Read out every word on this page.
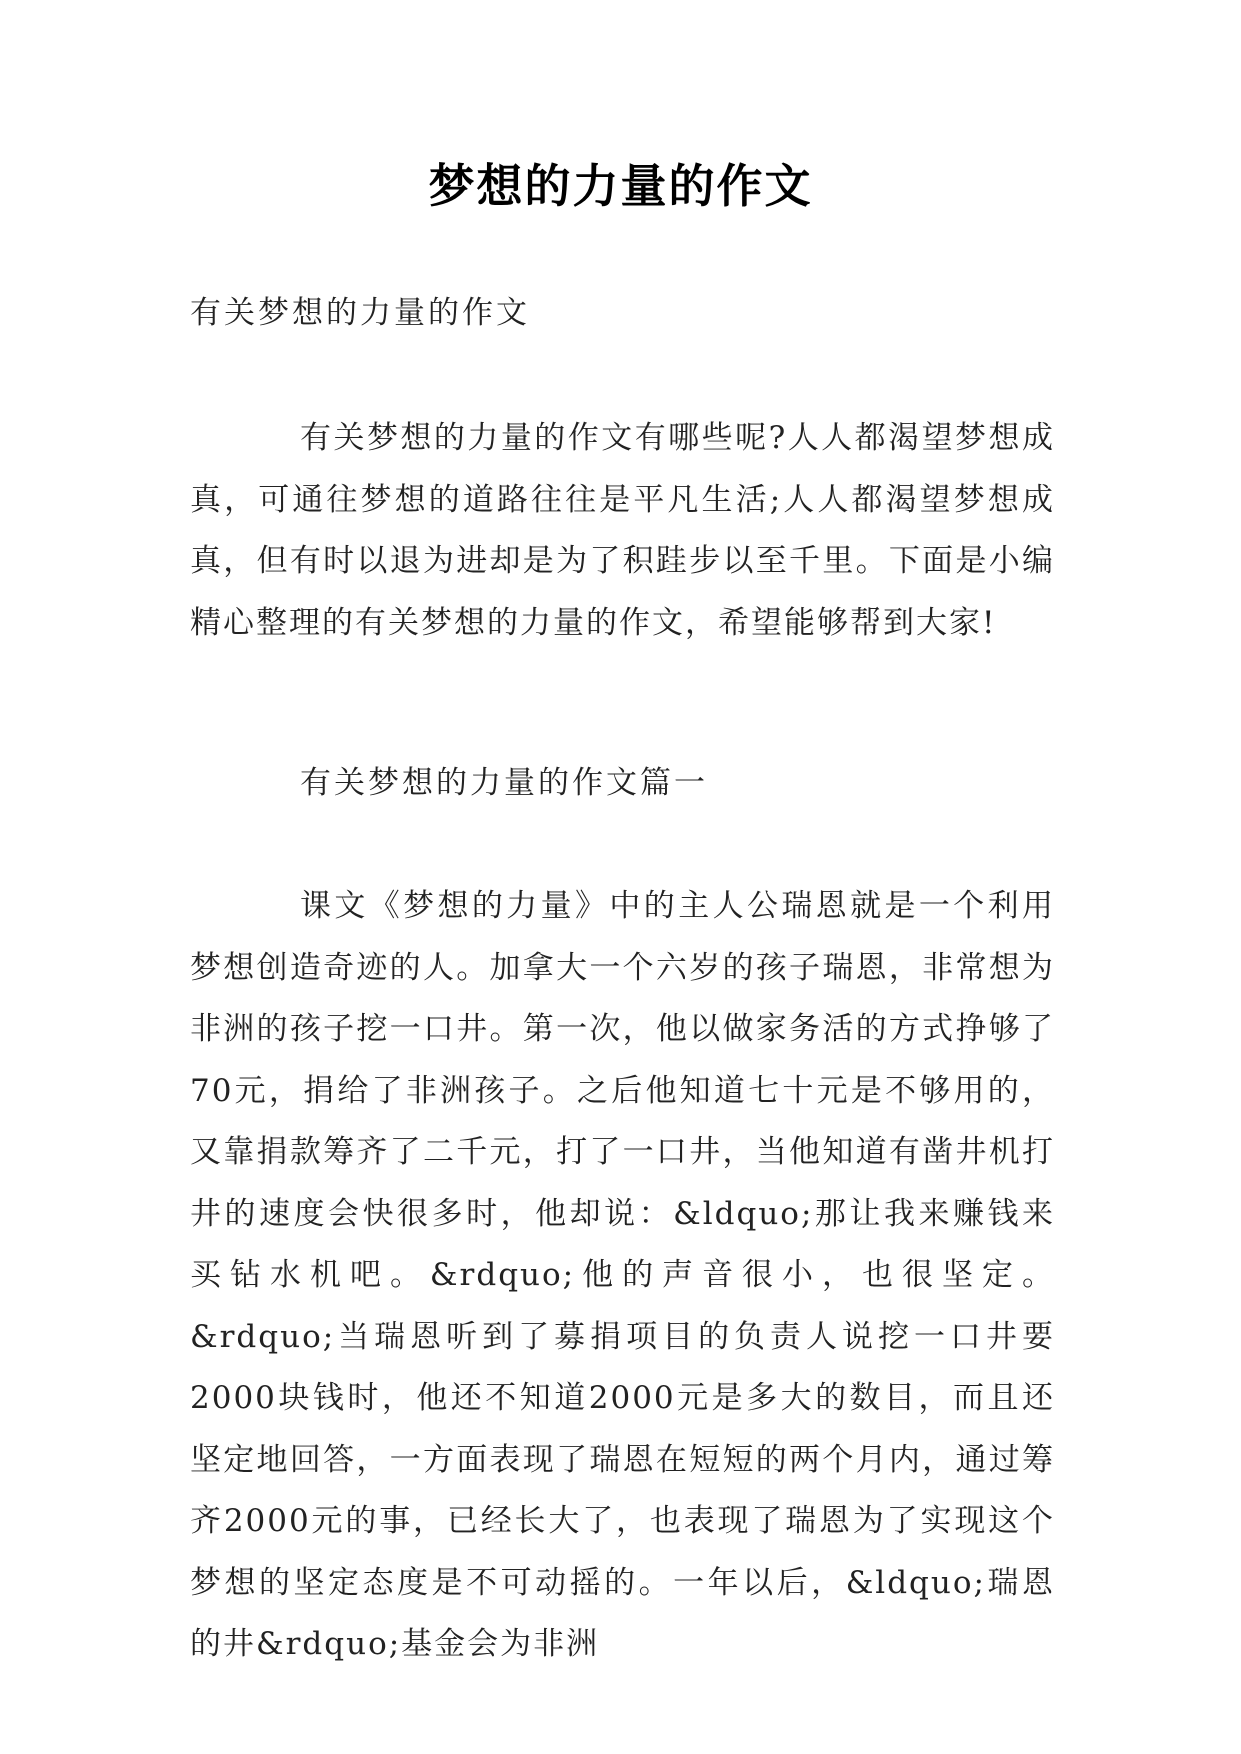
梦想的力量的作文

有关梦想的力量的作文

有关梦想的力量的作文有哪些呢?人人都渴望梦想成真，可通往梦想的道路往往是平凡生活;人人都渴望梦想成真，但有时以退为进却是为了积跬步以至千里。下面是小编精心整理的有关梦想的力量的作文，希望能够帮到大家!

有关梦想的力量的作文篇一

课文《梦想的力量》中的主人公瑞恩就是一个利用梦想创造奇迹的人。加拿大一个六岁的孩子瑞恩，非常想为非洲的孩子挖一口井。第一次，他以做家务活的方式挣够了70元，捐给了非洲孩子。之后他知道七十元是不够用的，又靠捐款筹齐了二千元，打了一口井，当他知道有凿井机打井的速度会快很多时，他却说：&ldquo;那让我来赚钱来买钻水机吧。&rdquo;他的声音很小，也很坚定。&rdquo;当瑞恩听到了募捐项目的负责人说挖一口井要2000块钱时，他还不知道2000元是多大的数目，而且还坚定地回答，一方面表现了瑞恩在短短的两个月内，通过筹齐2000元的事，已经长大了，也表现了瑞恩为了实现这个梦想的坚定态度是不可动摇的。一年以后，&ldquo;瑞恩的井&rdquo;基金会为非洲
